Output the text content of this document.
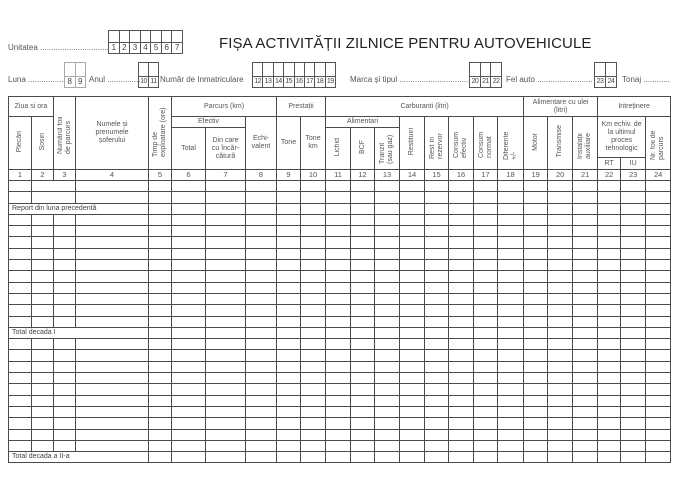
FIȘA ACTIVITĂȚII ZILNICE PENTRU AUTOVEHICULE
Unitatea ............................... 1 2 3 4 5 6 7
Luna ................. 8 9 Anul ............... 10 11 Număr de Inmatriculare 12 13 14 15 16 17 18 19 Marca și tipul ................................ 20 21 22 Fel auto ......................... 23 24 Tonaj ............
Ziua si ora		Numărul foii de parcurs	Numele și prenumele șoferului	Timp de exploatare (ore)	Parcurs (km)			Prestații		Carburanti (litri)								Alimentare cu ulei (litri)			Intreținere		
Plecări	Sosiri				Efectiv		Echi-valent	Tone	Tone km	Alimentari			Restituiri	Rest în rezervor	Consum efectiv	Consum normat	Diferente +/-	Motor	Transmise	Instalații auxiliare	Km echiv. de la ultimul proces tehnologic		Nr. foii de parcurs
					Total	Din care cu încăr-cătură				Lichid	BCF	Tranzit (sau gaz)											
																					RT	IU	
1	2	3	4	5	6	7	8	9	10	11	12	13	14	15	16	17	18	19	20	21	22	23	24

Report din luna precedentă																							

Total decada I																							

Total decada a II-a																							
